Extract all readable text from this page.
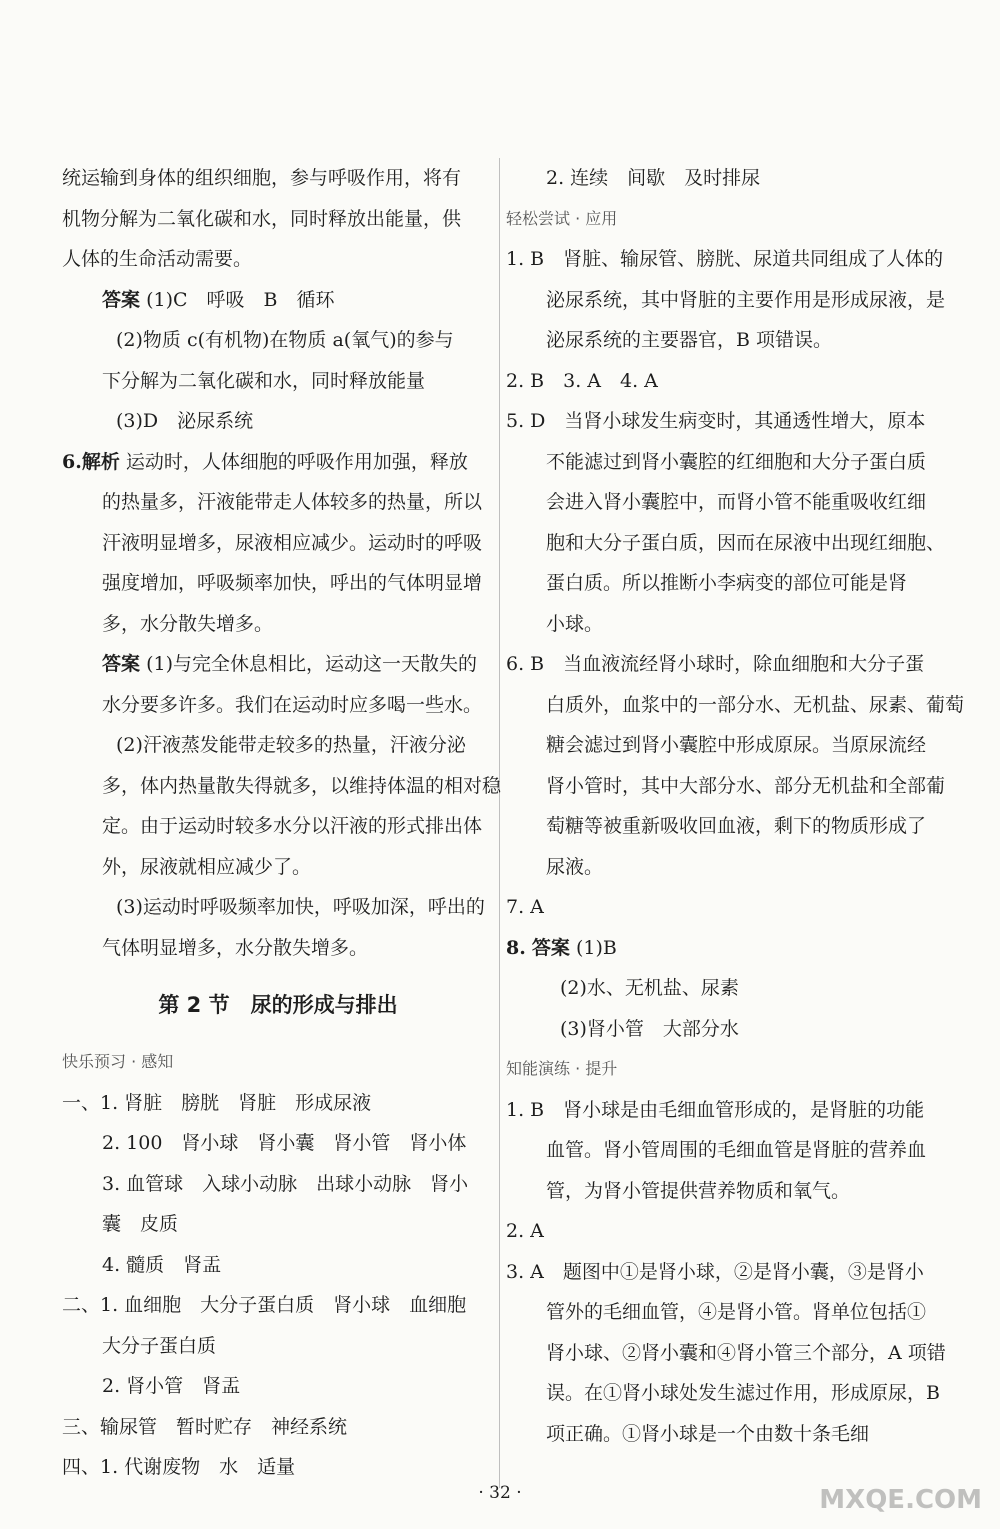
统运输到身体的组织细胞，参与呼吸作用，将有

机物分解为二氧化碳和水，同时释放出能量，供

人体的生命活动需要。

答案 (1)C　呼吸　B　循环

(2)物质 c(有机物)在物质 a(氧气)的参与

下分解为二氧化碳和水，同时释放能量

(3)D　泌尿系统

6.解析 运动时，人体细胞的呼吸作用加强，释放

的热量多，汗液能带走人体较多的热量，所以

汗液明显增多，尿液相应减少。运动时的呼吸

强度增加，呼吸频率加快，呼出的气体明显增

多，水分散失增多。

答案 (1)与完全休息相比，运动这一天散失的

水分要多许多。我们在运动时应多喝一些水。

(2)汗液蒸发能带走较多的热量，汗液分泌

多，体内热量散失得就多，以维持体温的相对稳

定。由于运动时较多水分以汗液的形式排出体

外，尿液就相应减少了。

(3)运动时呼吸频率加快，呼吸加深，呼出的

气体明显增多，水分散失增多。

第 2 节　尿的形成与排出

快乐预习 · 感知

一、1. 肾脏　膀胱　肾脏　形成尿液

2. 100　肾小球　肾小囊　肾小管　肾小体

3. 血管球　入球小动脉　出球小动脉　肾小

囊　皮质

4. 髓质　肾盂

二、1. 血细胞　大分子蛋白质　肾小球　血细胞

大分子蛋白质

2. 肾小管　肾盂

三、输尿管　暂时贮存　神经系统

四、1. 代谢废物　水　适量

2. 连续　间歇　及时排尿

轻松尝试 · 应用

1. B　肾脏、输尿管、膀胱、尿道共同组成了人体的

泌尿系统，其中肾脏的主要作用是形成尿液，是

泌尿系统的主要器官，B 项错误。

2. B　3. A　4. A

5. D　当肾小球发生病变时，其通透性增大，原本

不能滤过到肾小囊腔的红细胞和大分子蛋白质

会进入肾小囊腔中，而肾小管不能重吸收红细

胞和大分子蛋白质，因而在尿液中出现红细胞、

蛋白质。所以推断小李病变的部位可能是肾

小球。

6. B　当血液流经肾小球时，除血细胞和大分子蛋

白质外，血浆中的一部分水、无机盐、尿素、葡萄

糖会滤过到肾小囊腔中形成原尿。当原尿流经

肾小管时，其中大部分水、部分无机盐和全部葡

萄糖等被重新吸收回血液，剩下的物质形成了

尿液。

7. A

8. 答案 (1)B

(2)水、无机盐、尿素

(3)肾小管　大部分水

知能演练 · 提升

1. B　肾小球是由毛细血管形成的，是肾脏的功能

血管。肾小管周围的毛细血管是肾脏的营养血

管，为肾小管提供营养物质和氧气。

2. A

3. A　题图中①是肾小球，②是肾小囊，③是肾小

管外的毛细血管，④是肾小管。肾单位包括①

肾小球、②肾小囊和④肾小管三个部分，A 项错

误。在①肾小球处发生滤过作用，形成原尿，B

项正确。①肾小球是一个由数十条毛细

· 32 ·	MXQE.COM
